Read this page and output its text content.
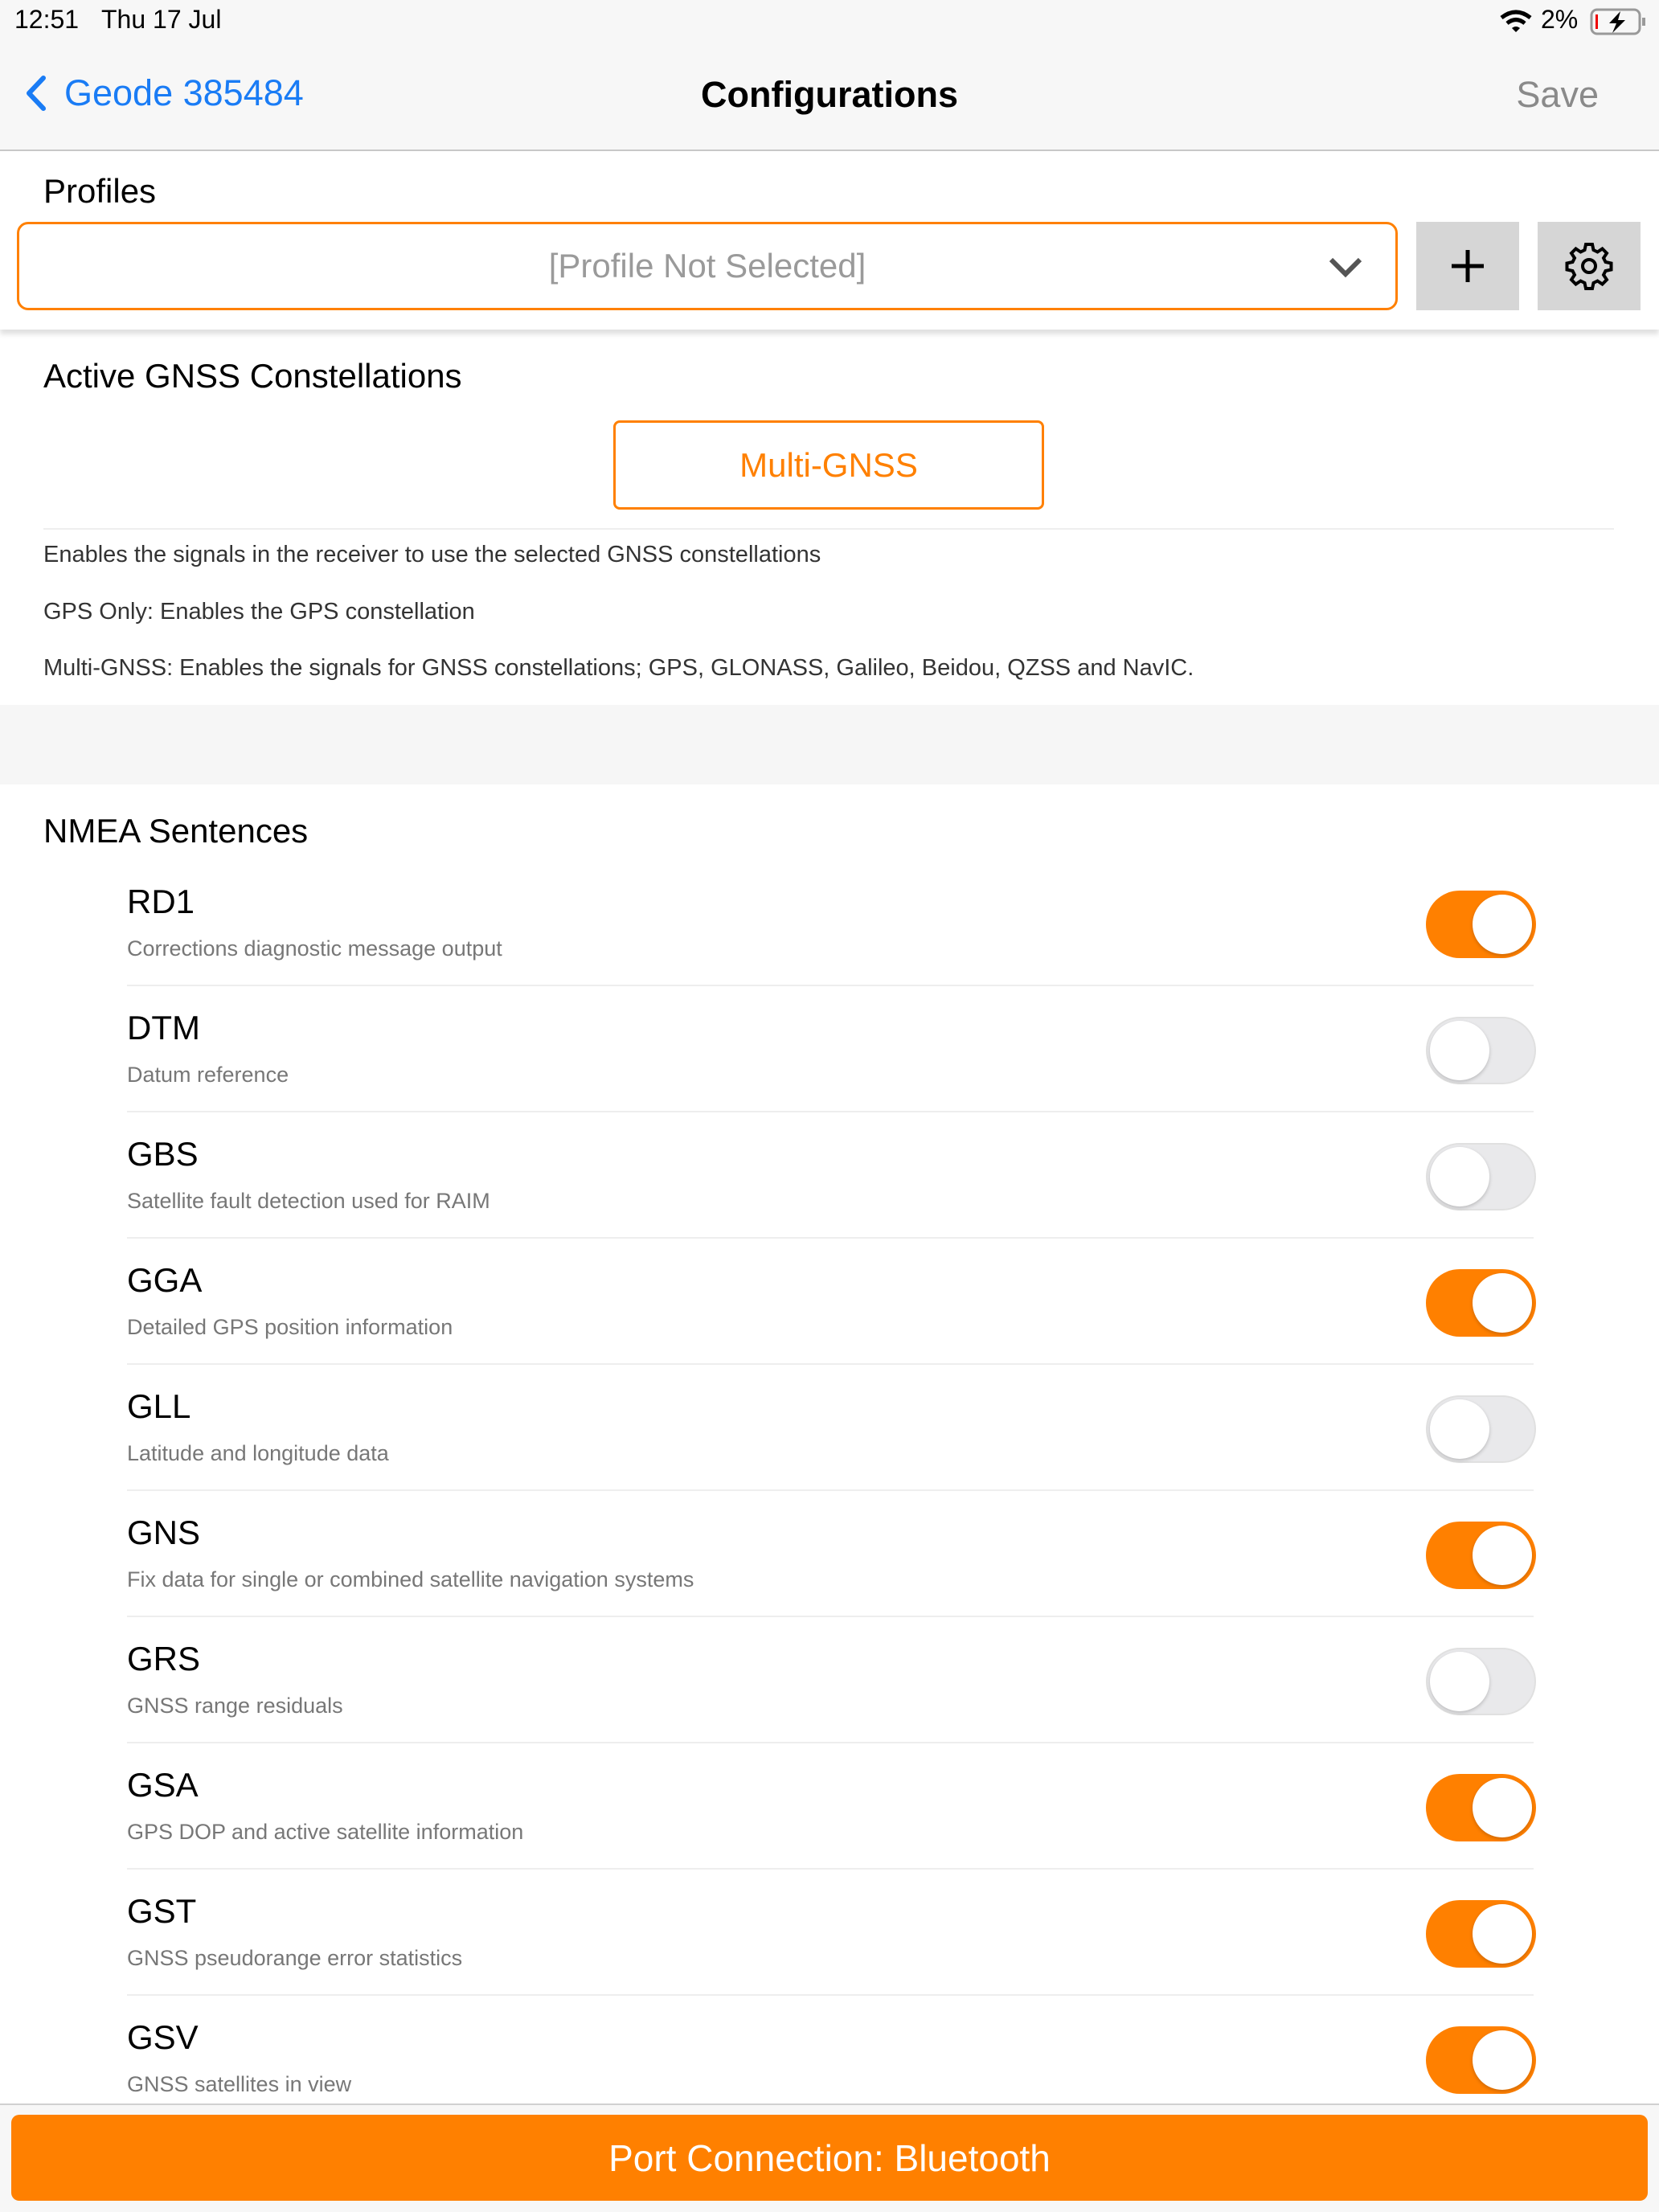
12:51 Thu 17 Jul	2%
Geode 385484	Configurations	Save
Profiles
[Profile Not Selected]
Active GNSS Constellations
Multi-GNSS
Enables the signals in the receiver to use the selected GNSS constellations
GPS Only: Enables the GPS constellation
Multi-GNSS: Enables the signals for GNSS constellations; GPS, GLONASS, Galileo, Beidou, QZSS and NavIC.
NMEA Sentences
RD1
Corrections diagnostic message output
DTM
Datum reference
GBS
Satellite fault detection used for RAIM
GGA
Detailed GPS position information
GLL
Latitude and longitude data
GNS
Fix data for single or combined satellite navigation systems
GRS
GNSS range residuals
GSA
GPS DOP and active satellite information
GST
GNSS pseudorange error statistics
GSV
GNSS satellites in view
Port Connection: Bluetooth
